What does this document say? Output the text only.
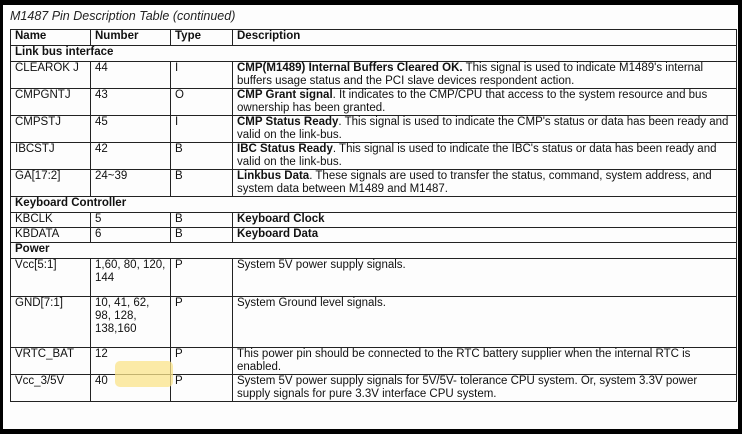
M1487 Pin Description Table (continued)
Name	Number	Type	Description
Link bus interface			
CLEAROK J	44	I	CMP(M1489) Internal Buffers Cleared OK. This signal is used to indicate M1489's internal buffers usage status and the PCI slave devices respondent action.
CMPGNTJ	43	O	CMP Grant signal. It indicates to the CMP/CPU that access to the system resource and bus ownership has been granted.
CMPSTJ	45	I	CMP Status Ready. This signal is used to indicate the CMP's status or data has been ready and valid on the link-bus.
IBCSTJ	42	B	IBC Status Ready. This signal is used to indicate the IBC's status or data has been ready and valid on the link-bus.
GA[17:2]	24~39	B	Linkbus Data. These signals are used to transfer the status, command, system address, and system data between M1489 and M1487.
Keyboard Controller			
KBCLK	5	B	Keyboard Clock
KBDATA	6	B	Keyboard Data
Power			
Vcc[5:1]	1,60, 80, 120, 144	P	System 5V power supply signals.
GND[7:1]	10, 41, 62, 98, 128, 138,160	P	System Ground level signals.
VRTC_BAT	12	P	This power pin should be connected to the RTC battery supplier when the internal RTC is enabled.
Vcc_3/5V	40	P	System 5V power supply signals for 5V/5V- tolerance CPU system. Or, system 3.3V power supply signals for pure 3.3V interface CPU system.
